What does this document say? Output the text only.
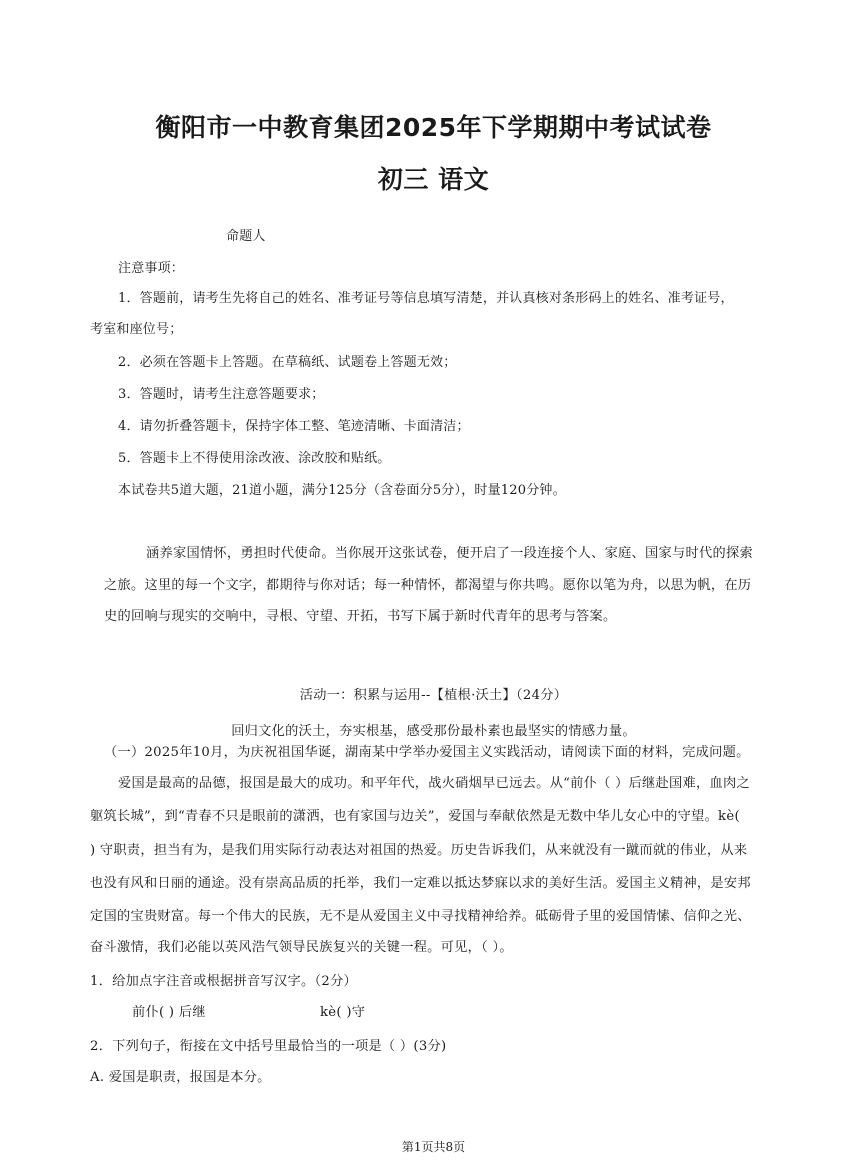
衡阳市一中教育集团2025年下学期期中考试试卷
初三 语文
命题人
注意事项：
1．答题前，请考生先将自己的姓名、准考证号等信息填写清楚，并认真核对条形码上的姓名、准考证号，
考室和座位号；
2．必须在答题卡上答题。在草稿纸、试题卷上答题无效；
3．答题时，请考生注意答题要求；
4．请勿折叠答题卡，保持字体工整、笔迹清晰、卡面清洁；
5．答题卡上不得使用涂改液、涂改胶和贴纸。
本试卷共5道大题，21道小题，满分125分（含卷面分5分），时量120分钟。
涵养家国情怀，勇担时代使命。当你展开这张试卷，便开启了一段连接个人、家庭、国家与时代的探索
之旅。这里的每一个文字，都期待与你对话；每一种情怀，都渴望与你共鸣。愿你以笔为舟，以思为帆，在历
史的回响与现实的交响中，寻根、守望、开拓，书写下属于新时代青年的思考与答案。
活动一：积累与运用--【植根·沃土】（24分）
回归文化的沃土，夯实根基，感受那份最朴素也最坚实的情感力量。
（一）2025年10月，为庆祝祖国华诞，湖南某中学举办爱国主义实践活动，请阅读下面的材料，完成问题。
爱国是最高的品德，报国是最大的成功。和平年代，战火硝烟早已远去。从“前仆（ ）后继赴国难，血肉之
躯筑长城”，到“青春不只是眼前的潇洒，也有家国与边关”，爱国与奉献依然是无数中华儿女心中的守望。kè(
) 守职责，担当有为，是我们用实际行动表达对祖国的热爱。历史告诉我们，从来就没有一蹴而就的伟业，从来
也没有风和日丽的通途。没有崇高品质的托举，我们一定难以抵达梦寐以求的美好生活。爱国主义精神，是安邦
定国的宝贵财富。每一个伟大的民族，无不是从爱国主义中寻找精神给养。砥砺骨子里的爱国情愫、信仰之光、
奋斗激情，我们必能以英风浩气领导民族复兴的关键一程。可见，（ ）。
1．给加点字注音或根据拼音写汉字。（2分）
前仆( ) 后继	kè( )守
2．下列句子，衔接在文中括号里最恰当的一项是（ ）(3分)
A. 爱国是职责，报国是本分。
第1页共8页
